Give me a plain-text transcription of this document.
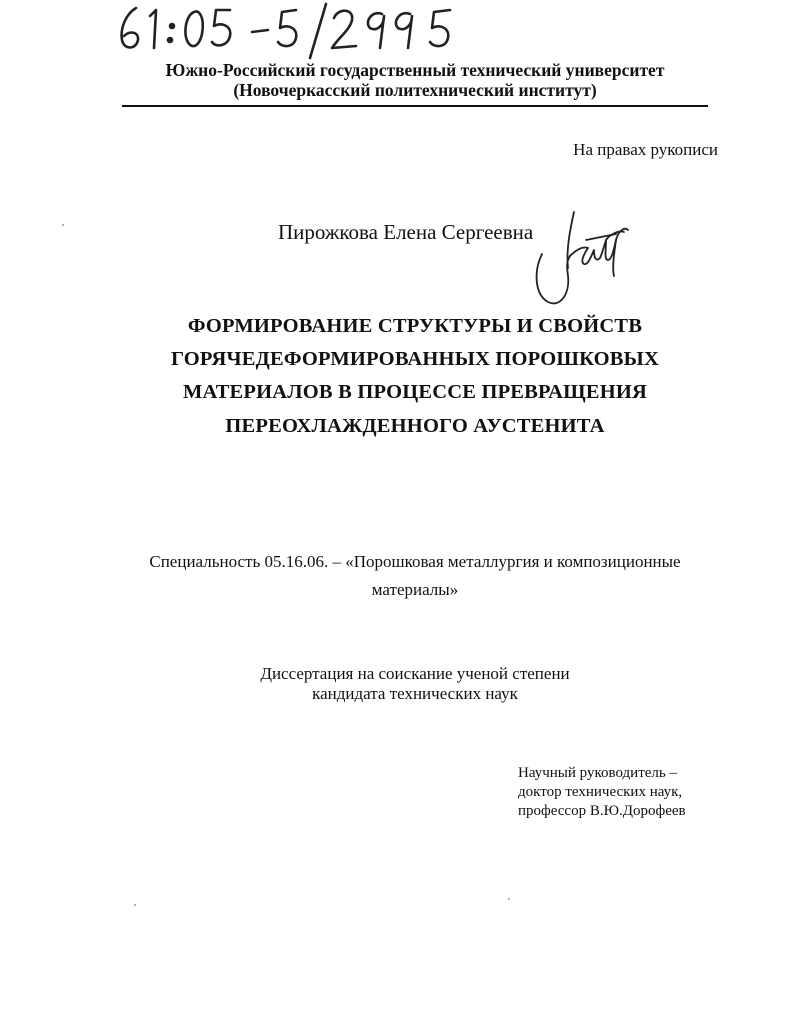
Южно-Российский государственный технический университет
(Новочеркасский политехнический институт)
На правах рукописи
Пирожкова Елена Сергеевна
ФОРМИРОВАНИЕ СТРУКТУРЫ И СВОЙСТВ
ГОРЯЧЕДЕФОРМИРОВАННЫХ ПОРОШКОВЫХ
МАТЕРИАЛОВ В ПРОЦЕССЕ ПРЕВРАЩЕНИЯ
ПЕРЕОХЛАЖДЕННОГО АУСТЕНИТА
Специальность 05.16.06. – «Порошковая металлургия и композиционные
материалы»
Диссертация на соискание ученой степени
кандидата технических наук
Научный руководитель –
доктор технических наук,
профессор В.Ю.Дорофеев
